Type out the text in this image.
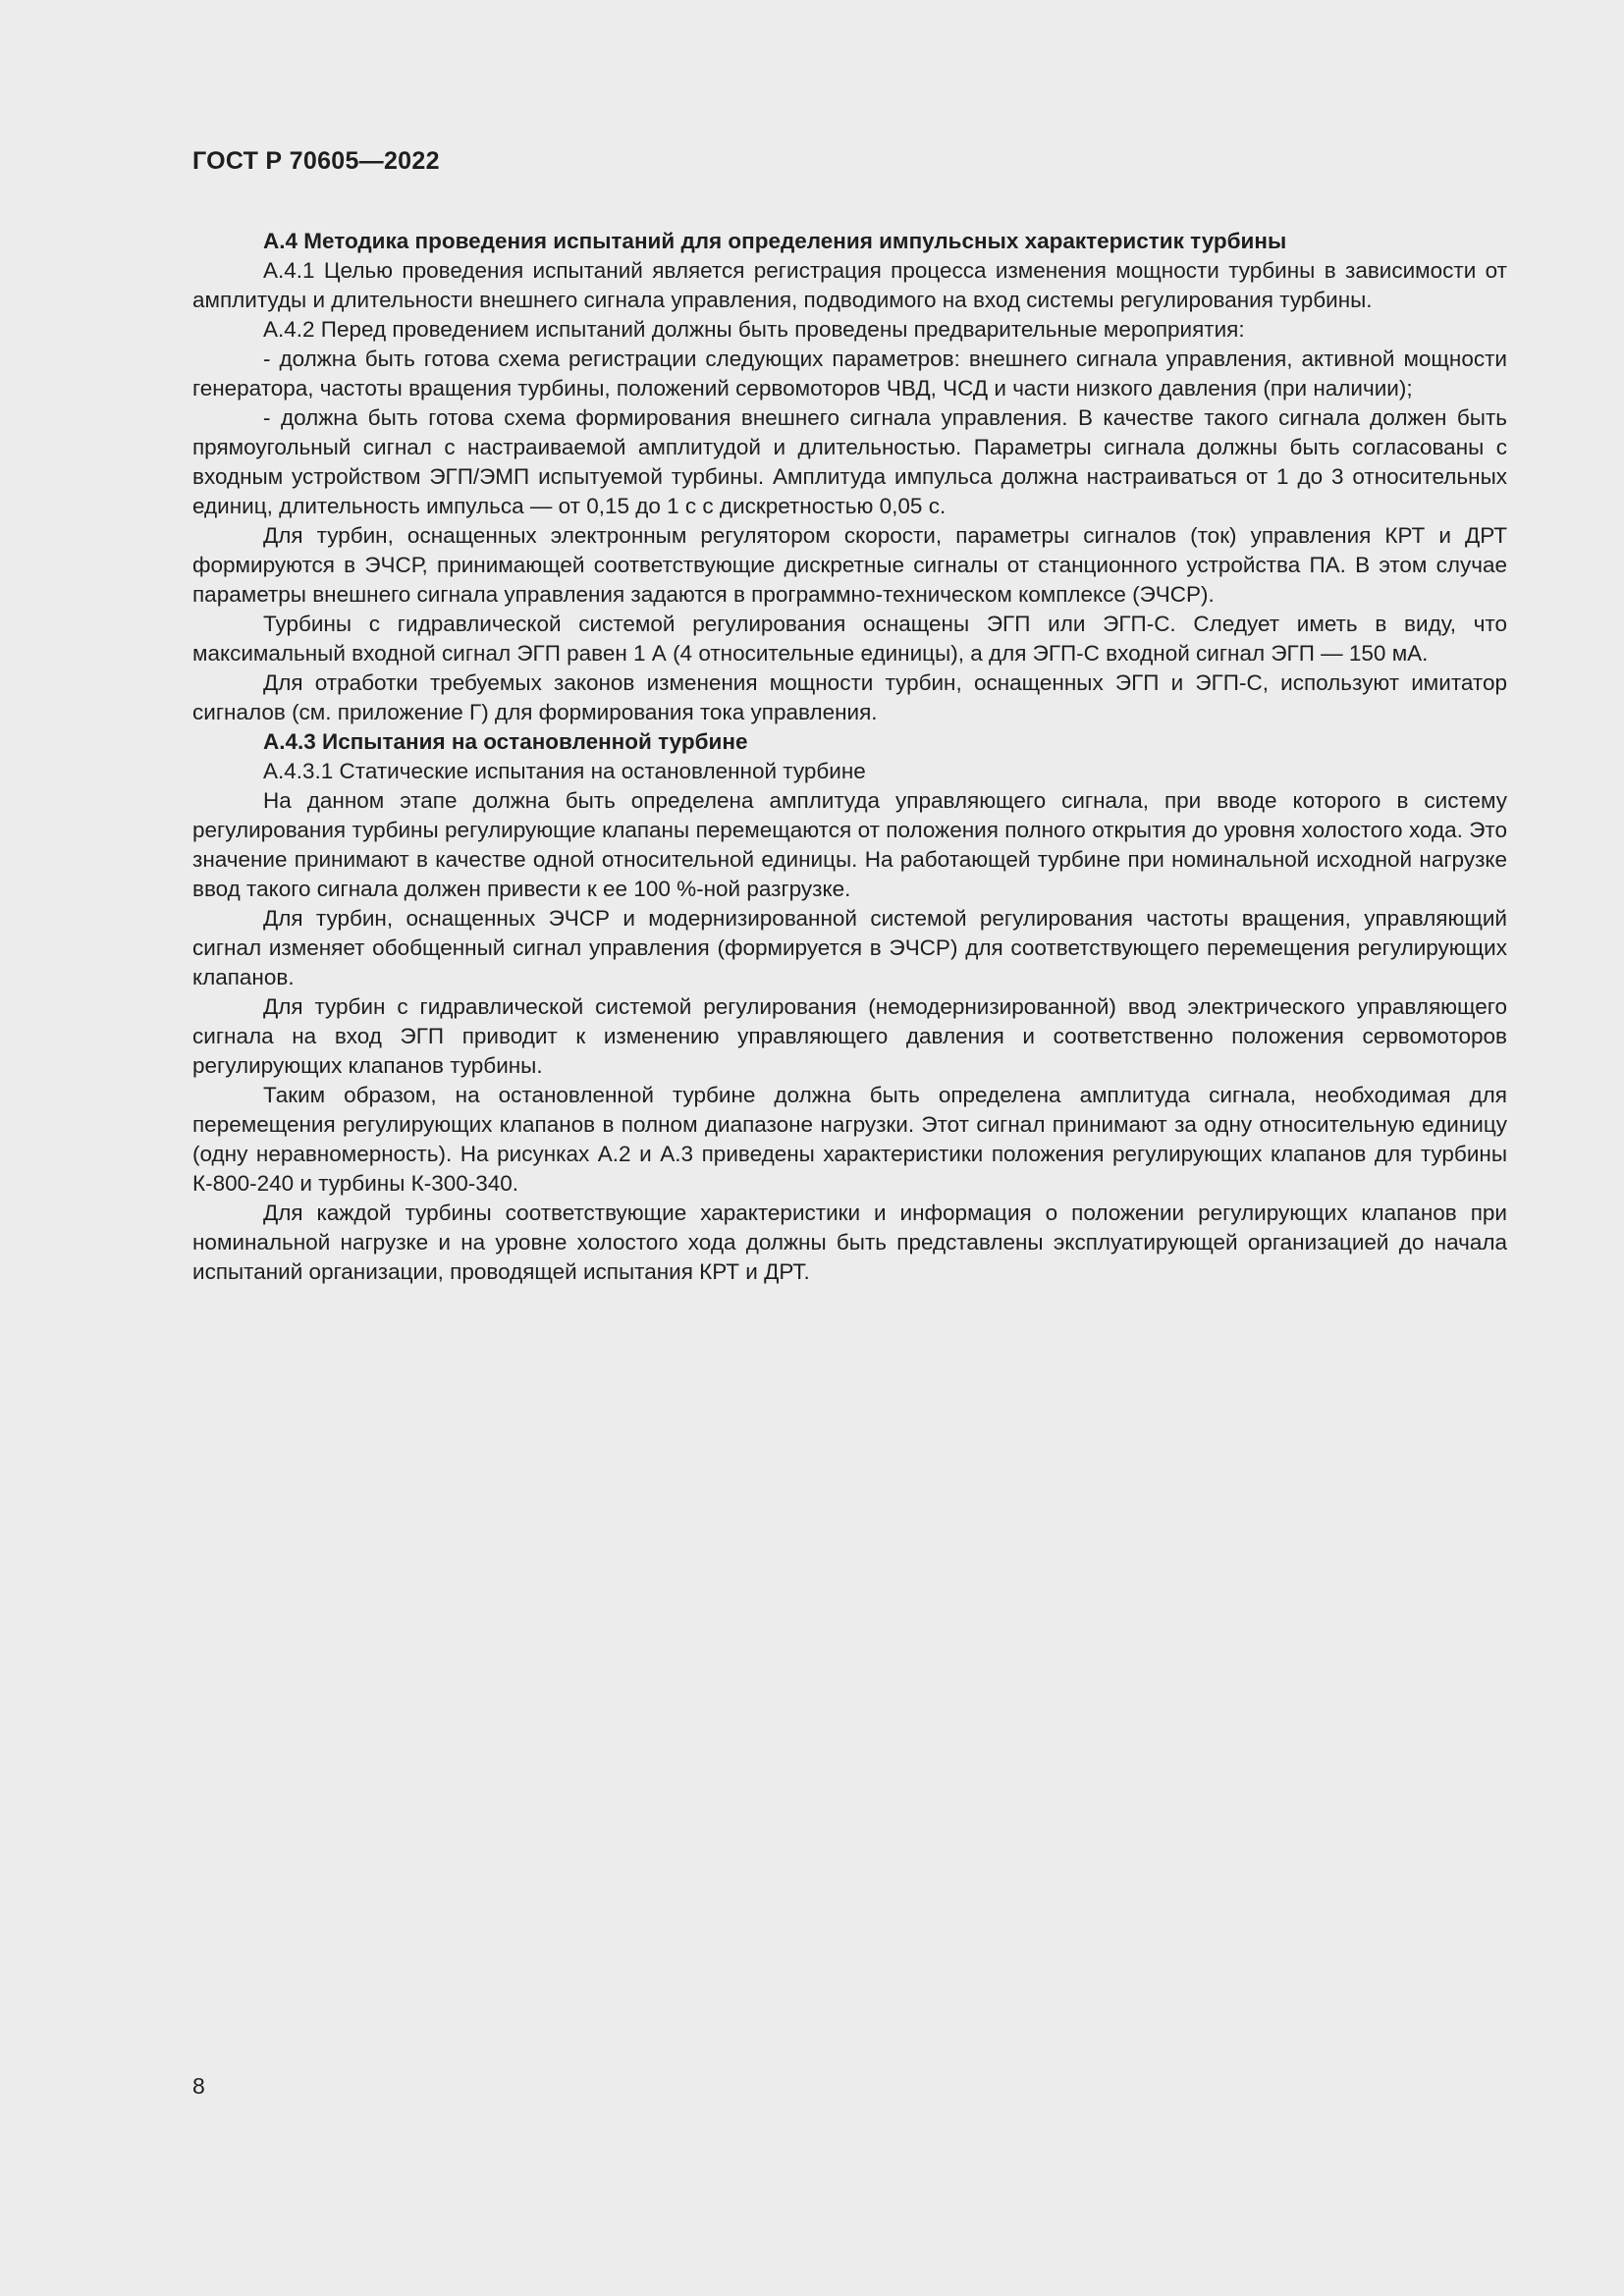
ГОСТ Р 70605—2022

А.4 Методика проведения испытаний для определения импульсных характеристик турбины

А.4.1 Целью проведения испытаний является регистрация процесса изменения мощности турбины в зависимости от амплитуды и длительности внешнего сигнала управления, подводимого на вход системы регулирования турбины.

А.4.2 Перед проведением испытаний должны быть проведены предварительные мероприятия:

- должна быть готова схема регистрации следующих параметров: внешнего сигнала управления, активной мощности генератора, частоты вращения турбины, положений сервомоторов ЧВД, ЧСД и части низкого давления (при наличии);

- должна быть готова схема формирования внешнего сигнала управления. В качестве такого сигнала должен быть прямоугольный сигнал с настраиваемой амплитудой и длительностью. Параметры сигнала должны быть согласованы с входным устройством ЭГП/ЭМП испытуемой турбины. Амплитуда импульса должна настраиваться от 1 до 3 относительных единиц, длительность импульса — от 0,15 до 1 с с дискретностью 0,05 с.

Для турбин, оснащенных электронным регулятором скорости, параметры сигналов (ток) управления КРТ и ДРТ формируются в ЭЧСР, принимающей соответствующие дискретные сигналы от станционного устройства ПА. В этом случае параметры внешнего сигнала управления задаются в программно-техническом комплексе (ЭЧСР).

Турбины с гидравлической системой регулирования оснащены ЭГП или ЭГП-С. Следует иметь в виду, что максимальный входной сигнал ЭГП равен 1 А (4 относительные единицы), а для ЭГП-С входной сигнал ЭГП — 150 мА.

Для отработки требуемых законов изменения мощности турбин, оснащенных ЭГП и ЭГП-С, используют имитатор сигналов (см. приложение Г) для формирования тока управления.

А.4.3 Испытания на остановленной турбине

А.4.3.1 Статические испытания на остановленной турбине

На данном этапе должна быть определена амплитуда управляющего сигнала, при вводе которого в систему регулирования турбины регулирующие клапаны перемещаются от положения полного открытия до уровня холостого хода. Это значение принимают в качестве одной относительной единицы. На работающей турбине при номинальной исходной нагрузке ввод такого сигнала должен привести к ее 100 %-ной разгрузке.

Для турбин, оснащенных ЭЧСР и модернизированной системой регулирования частоты вращения, управляющий сигнал изменяет обобщенный сигнал управления (формируется в ЭЧСР) для соответствующего перемещения регулирующих клапанов.

Для турбин с гидравлической системой регулирования (немодернизированной) ввод электрического управляющего сигнала на вход ЭГП приводит к изменению управляющего давления и соответственно положения сервомоторов регулирующих клапанов турбины.

Таким образом, на остановленной турбине должна быть определена амплитуда сигнала, необходимая для перемещения регулирующих клапанов в полном диапазоне нагрузки. Этот сигнал принимают за одну относительную единицу (одну неравномерность). На рисунках А.2 и А.3 приведены характеристики положения регулирующих клапанов для турбины К-800-240 и турбины К-300-340.

Для каждой турбины соответствующие характеристики и информация о положении регулирующих клапанов при номинальной нагрузке и на уровне холостого хода должны быть представлены эксплуатирующей организацией до начала испытаний организации, проводящей испытания КРТ и ДРТ.

8
